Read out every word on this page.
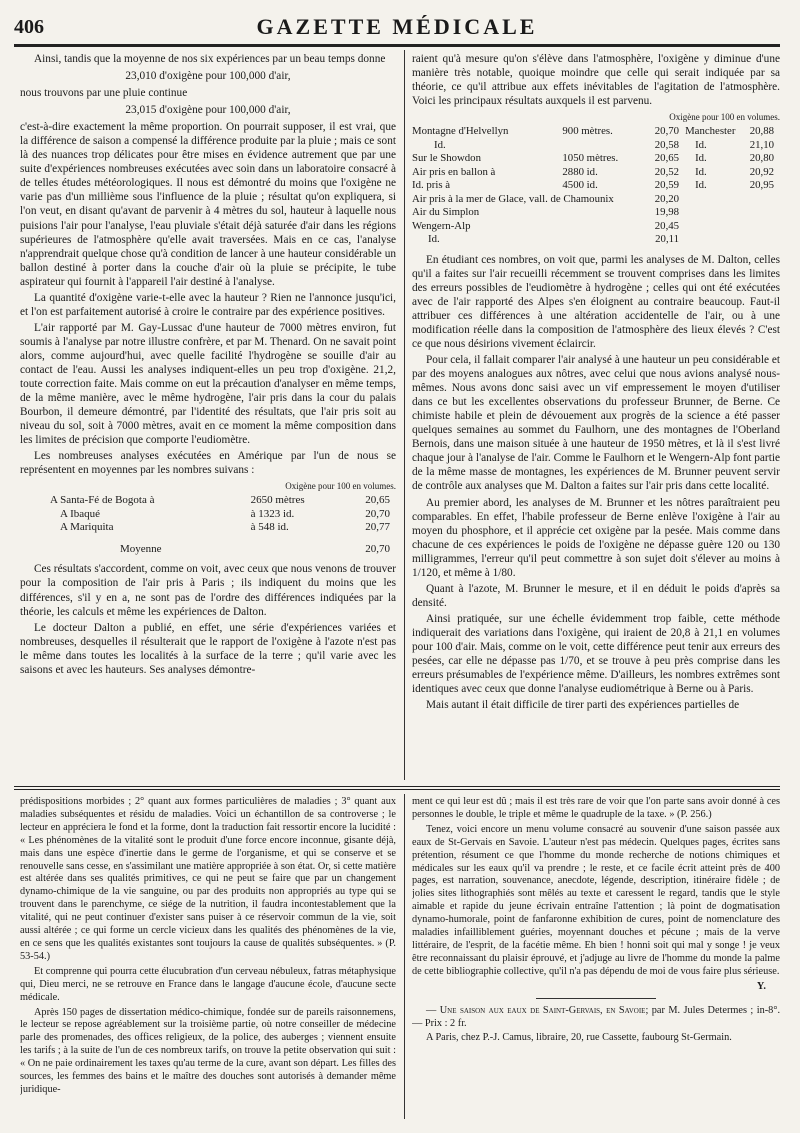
406	GAZETTE MÉDICALE

Ainsi, tandis que la moyenne de nos six expériences par un beau temps donne

23,010 d'oxigène pour 100,000 d'air,

nous trouvons par une pluie continue

23,015 d'oxigène pour 100,000 d'air,

c'est-à-dire exactement la même proportion. On pourrait supposer, il est vrai, que la différence de saison a compensé la différence produite par la pluie ; mais ce sont là des nuances trop délicates pour être mises en évidence autrement que par une suite d'expériences nombreuses exécutées avec soin dans un laboratoire consacré à de telles études météorologiques. Il nous est démontré du moins que l'oxigène ne varie pas d'un millième sous l'influence de la pluie ; résultat qu'on expliquera, si l'on veut, en disant qu'avant de parvenir à 4 mètres du sol, hauteur à laquelle nous puisions l'air pour l'analyse, l'eau pluviale s'était déjà saturée d'air dans les régions supérieures de l'atmosphère qu'elle avait traversées. Mais en ce cas, l'analyse n'apprendrait quelque chose qu'à condition de lancer à une hauteur considérable un ballon destiné à porter dans la couche d'air où la pluie se précipite, le tube aspirateur qui fournit à l'appareil l'air destiné à l'analyse.

La quantité d'oxigène varie-t-elle avec la hauteur ? Rien ne l'annonce jusqu'ici, et l'on est parfaitement autorisé à croire le contraire par des expérience positives.

L'air rapporté par M. Gay-Lussac d'une hauteur de 7000 mètres environ, fut soumis à l'analyse par notre illustre confrère, et par M. Thenard. On ne savait point alors, comme aujourd'hui, avec quelle facilité l'hydrogène se souille d'air au contact de l'eau. Aussi les analyses indiquent-elles un peu trop d'oxigène. 21,2, toute correction faite. Mais comme on eut la précaution d'analyser en même temps, de la même manière, avec le même hydrogène, l'air pris dans la cour du palais Bourbon, il demeure démontré, par l'identité des résultats, que l'air pris soit au niveau du sol, soit à 7000 mètres, avait en ce moment la même composition dans les limites de précision que comporte l'eudiomètre.

Les nombreuses analyses exécutées en Amérique par l'un de nous se représentent en moyennes par les nombres suivans :

Oxigène pour 100 en volumes.
A Santa-Fé de Bogota à	2650 mètres	20,65
A Ibaqué	à 1323 id.	20,70
A Mariquita	à 548 id.	20,77

Moyenne		20,70

Ces résultats s'accordent, comme on voit, avec ceux que nous venons de trouver pour la composition de l'air pris à Paris ; ils indiquent du moins que les différences, s'il y en a, ne sont pas de l'ordre des différences indiquées par la théorie, les calculs et même les expériences de Dalton.

Le docteur Dalton a publié, en effet, une série d'expériences variées et nombreuses, desquelles il résulterait que le rapport de l'oxigène à l'azote n'est pas le même dans toutes les localités à la surface de la terre ; qu'il varie avec les saisons et avec les hauteurs. Ses analyses démontre-

raient qu'à mesure qu'on s'élève dans l'atmosphère, l'oxigène y diminue d'une manière très notable, quoique moindre que celle qui serait indiquée par sa théorie, ce qu'il attribue aux effets inévitables de l'agitation de l'atmosphère. Voici les principaux résultats auxquels il est parvenu.

Oxigène pour 100 en volumes.
Montagne d'Helvellyn	900 mètres.	20,70	Manchester	20,88
Id.		20,58	Id.	21,10
Sur le Showdon	1050 mètres.	20,65	Id.	20,80
Air pris en ballon à	2880 id.	20,52	Id.	20,92
Id. pris à	4500 id.	20,59	Id.	20,95
Air pris à la mer de Glace, vall. de Chamounix		20,20		
Air du Simplon		19,98		
Wengern-Alp		20,45		
Id.		20,11		

En étudiant ces nombres, on voit que, parmi les analyses de M. Dalton, celles qu'il a faites sur l'air recueilli récemment se trouvent comprises dans les limites des erreurs possibles de l'eudiomètre à hydrogène ; celles qui ont été exécutées avec de l'air rapporté des Alpes s'en éloignent au contraire beaucoup. Faut-il attribuer ces différences à une altération accidentelle de l'air, ou à une modification réelle dans la composition de l'atmosphère des lieux élevés ? C'est ce que nous désirions vivement éclaircir.

Pour cela, il fallait comparer l'air analysé à une hauteur un peu considérable et par des moyens analogues aux nôtres, avec celui que nous avions analysé nous-mêmes. Nous avons donc saisi avec un vif empressement le moyen d'utiliser dans ce but les excellentes observations du professeur Brunner, de Berne. Ce chimiste habile et plein de dévouement aux progrès de la science a été passer quelques semaines au sommet du Faulhorn, une des montagnes de l'Oberland Bernois, dans une maison située à une hauteur de 1950 mètres, et là il s'est livré chaque jour à l'analyse de l'air. Comme le Faulhorn et le Wengern-Alp font partie de la même masse de montagnes, les expériences de M. Brunner peuvent servir de contrôle aux analyses que M. Dalton a faites sur l'air pris dans cette localité.

Au premier abord, les analyses de M. Brunner et les nôtres paraîtraient peu comparables. En effet, l'habile professeur de Berne enlève l'oxigène à l'air au moyen du phosphore, et il apprécie cet oxigène par la pesée. Mais comme dans chacune de ces expériences le poids de l'oxigène ne dépasse guère 120 ou 130 milligrammes, l'erreur qu'il peut commettre à son sujet doit s'élever au moins à 1/120, et même à 1/80.

Quant à l'azote, M. Brunner le mesure, et il en déduit le poids d'après sa densité.

Ainsi pratiquée, sur une échelle évidemment trop faible, cette méthode indiquerait des variations dans l'oxigène, qui iraient de 20,8 à 21,1 en volumes pour 100 d'air. Mais, comme on le voit, cette différence peut tenir aux erreurs des pesées, car elle ne dépasse pas 1/70, et se trouve à peu près comprise dans les erreurs présumables de l'expérience même. D'ailleurs, les nombres extrêmes sont identiques avec ceux que donne l'analyse eudiométrique à Berne ou à Paris.

Mais autant il était difficile de tirer parti des expériences partielles de

prédispositions morbides ; 2° quant aux formes particulières de maladies ; 3° quant aux maladies subséquentes et résidu de maladies. Voici un échantillon de sa controverse ; le lecteur en appréciera le fond et la forme, dont la traduction fait ressortir encore la lucidité : « Les phénomènes de la vitalité sont le produit d'une force encore inconnue, gisante déjà, mais dans une espèce d'inertie dans le germe de l'organisme, et qui se conserve et se renouvelle sans cesse, en s'assimilant une matière appropriée à son état. Or, si cette matière est altérée dans ses qualités primitives, ce qui ne peut se faire que par un changement dynamo-chimique de la vie sanguine, ou par des produits non appropriés au type qui se trouvent dans le parenchyme, ce siége de la nutrition, il faudra incontestablement que la vitalité, qui ne peut continuer d'exister sans puiser à ce réservoir commun de la vie, soit aussi altérée ; ce qui forme un cercle vicieux dans les qualités des phénomènes de la vie, en ce sens que les qualités existantes sont toujours la cause de qualités subséquentes. » (P. 53-54.)

Et comprenne qui pourra cette élucubration d'un cerveau nébuleux, fatras métaphysique qui, Dieu merci, ne se retrouve en France dans le langage d'aucune école, d'aucune secte médicale.

Après 150 pages de dissertation médico-chimique, fondée sur de pareils raisonnemens, le lecteur se repose agréablement sur la troisième partie, où notre conseiller de médecine parle des promenades, des offices religieux, de la police, des auberges ; viennent ensuite les tarifs ; à la suite de l'un de ces nombreux tarifs, on trouve la petite observation qui suit : « On ne paie ordinairement les taxes qu'au terme de la cure, avant son départ. Les filles des sources, les femmes des bains et le maître des douches sont autorisés à demander même juridique-

ment ce qui leur est dû ; mais il est très rare de voir que l'on parte sans avoir donné à ces personnes le double, le triple et même le quadruple de la taxe. » (P. 256.)

Tenez, voici encore un menu volume consacré au souvenir d'une saison passée aux eaux de St-Gervais en Savoie. L'auteur n'est pas médecin. Quelques pages, écrites sans prétention, résument ce que l'homme du monde recherche de notions chimiques et médicales sur les eaux qu'il va prendre ; le reste, et ce facile écrit atteint près de 400 pages, est narration, souvenance, anecdote, légende, description, itinéraire fidèle ; de jolies sites lithographiés sont mêlés au texte et caressent le regard, tandis que le style aimable et rapide du jeune écrivain entraîne l'attention ; là point de dogmatisation dynamo-humorale, point de fanfaronne exhibition de cures, point de nomenclature des maladies infailliblement guéries, moyennant douches et pécune ; mais de la verve littéraire, de l'esprit, de la facétie même. Eh bien ! honni soit qui mal y songe ! je veux être reconnaissant du plaisir éprouvé, et j'adjuge au livre de l'homme du monde la palme de cette bibliographie collective, qu'il n'a pas dépendu de moi de vous faire plus sérieuse.

Y.

— Une saison aux eaux de Saint-Gervais, en Savoie; par M. Jules Determes ; in-8°. — Prix : 2 fr.

A Paris, chez P.-J. Camus, libraire, 20, rue Cassette, faubourg St-Germain.
